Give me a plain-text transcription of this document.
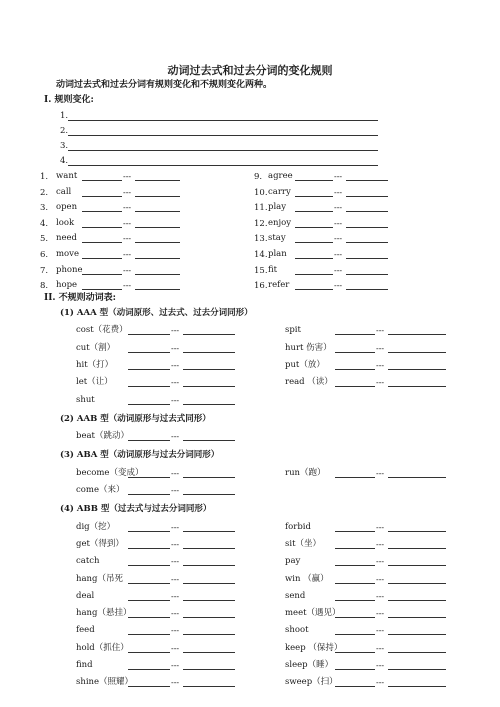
动词过去式和过去分词的变化规则
动词过去式和过去分词有规则变化和不规则变化两种。
Ⅰ. 规则变化:
1.
2.
3.
4.
1. want	---	9. agree	---
2. call	---	10. carry	---
3. open	---	11. play	---
4. look	---	12. enjoy	---
5. need	---	13. stay	---
6. move	---	14. plan	---
7. phone	---	15. fit	---
8. hope	---	16. refer	---
II. 不规则动词表:
(1) AAA 型（动词原形、过去式、过去分词同形）
cost（花费）	---	spit	---
cut（割）	---	hurt 伤害）	---
hit（打）	---	put（放）	---
let（让）	---	read （读）	---
shut	---
(2) AAB 型（动词原形与过去式同形）
beat（跳动）	---
(3) ABA 型（动词原形与过去分词同形）
become（变成）	---	run（跑）	---
come（来）	---
(4) ABB 型（过去式与过去分词同形）
dig（挖）	---	forbid	---
get（得到）	---	sit（坐）	---
catch	---	pay	---
hang（吊死	---	win （赢）	---
deal	---	send	---
hang（悬挂）	---	meet（遇见）	---
feed	---	shoot	---
hold（抓住）	---	keep （保持）	---
find	---	sleep（睡）	---
shine（照耀）	---	sweep（扫）	---
